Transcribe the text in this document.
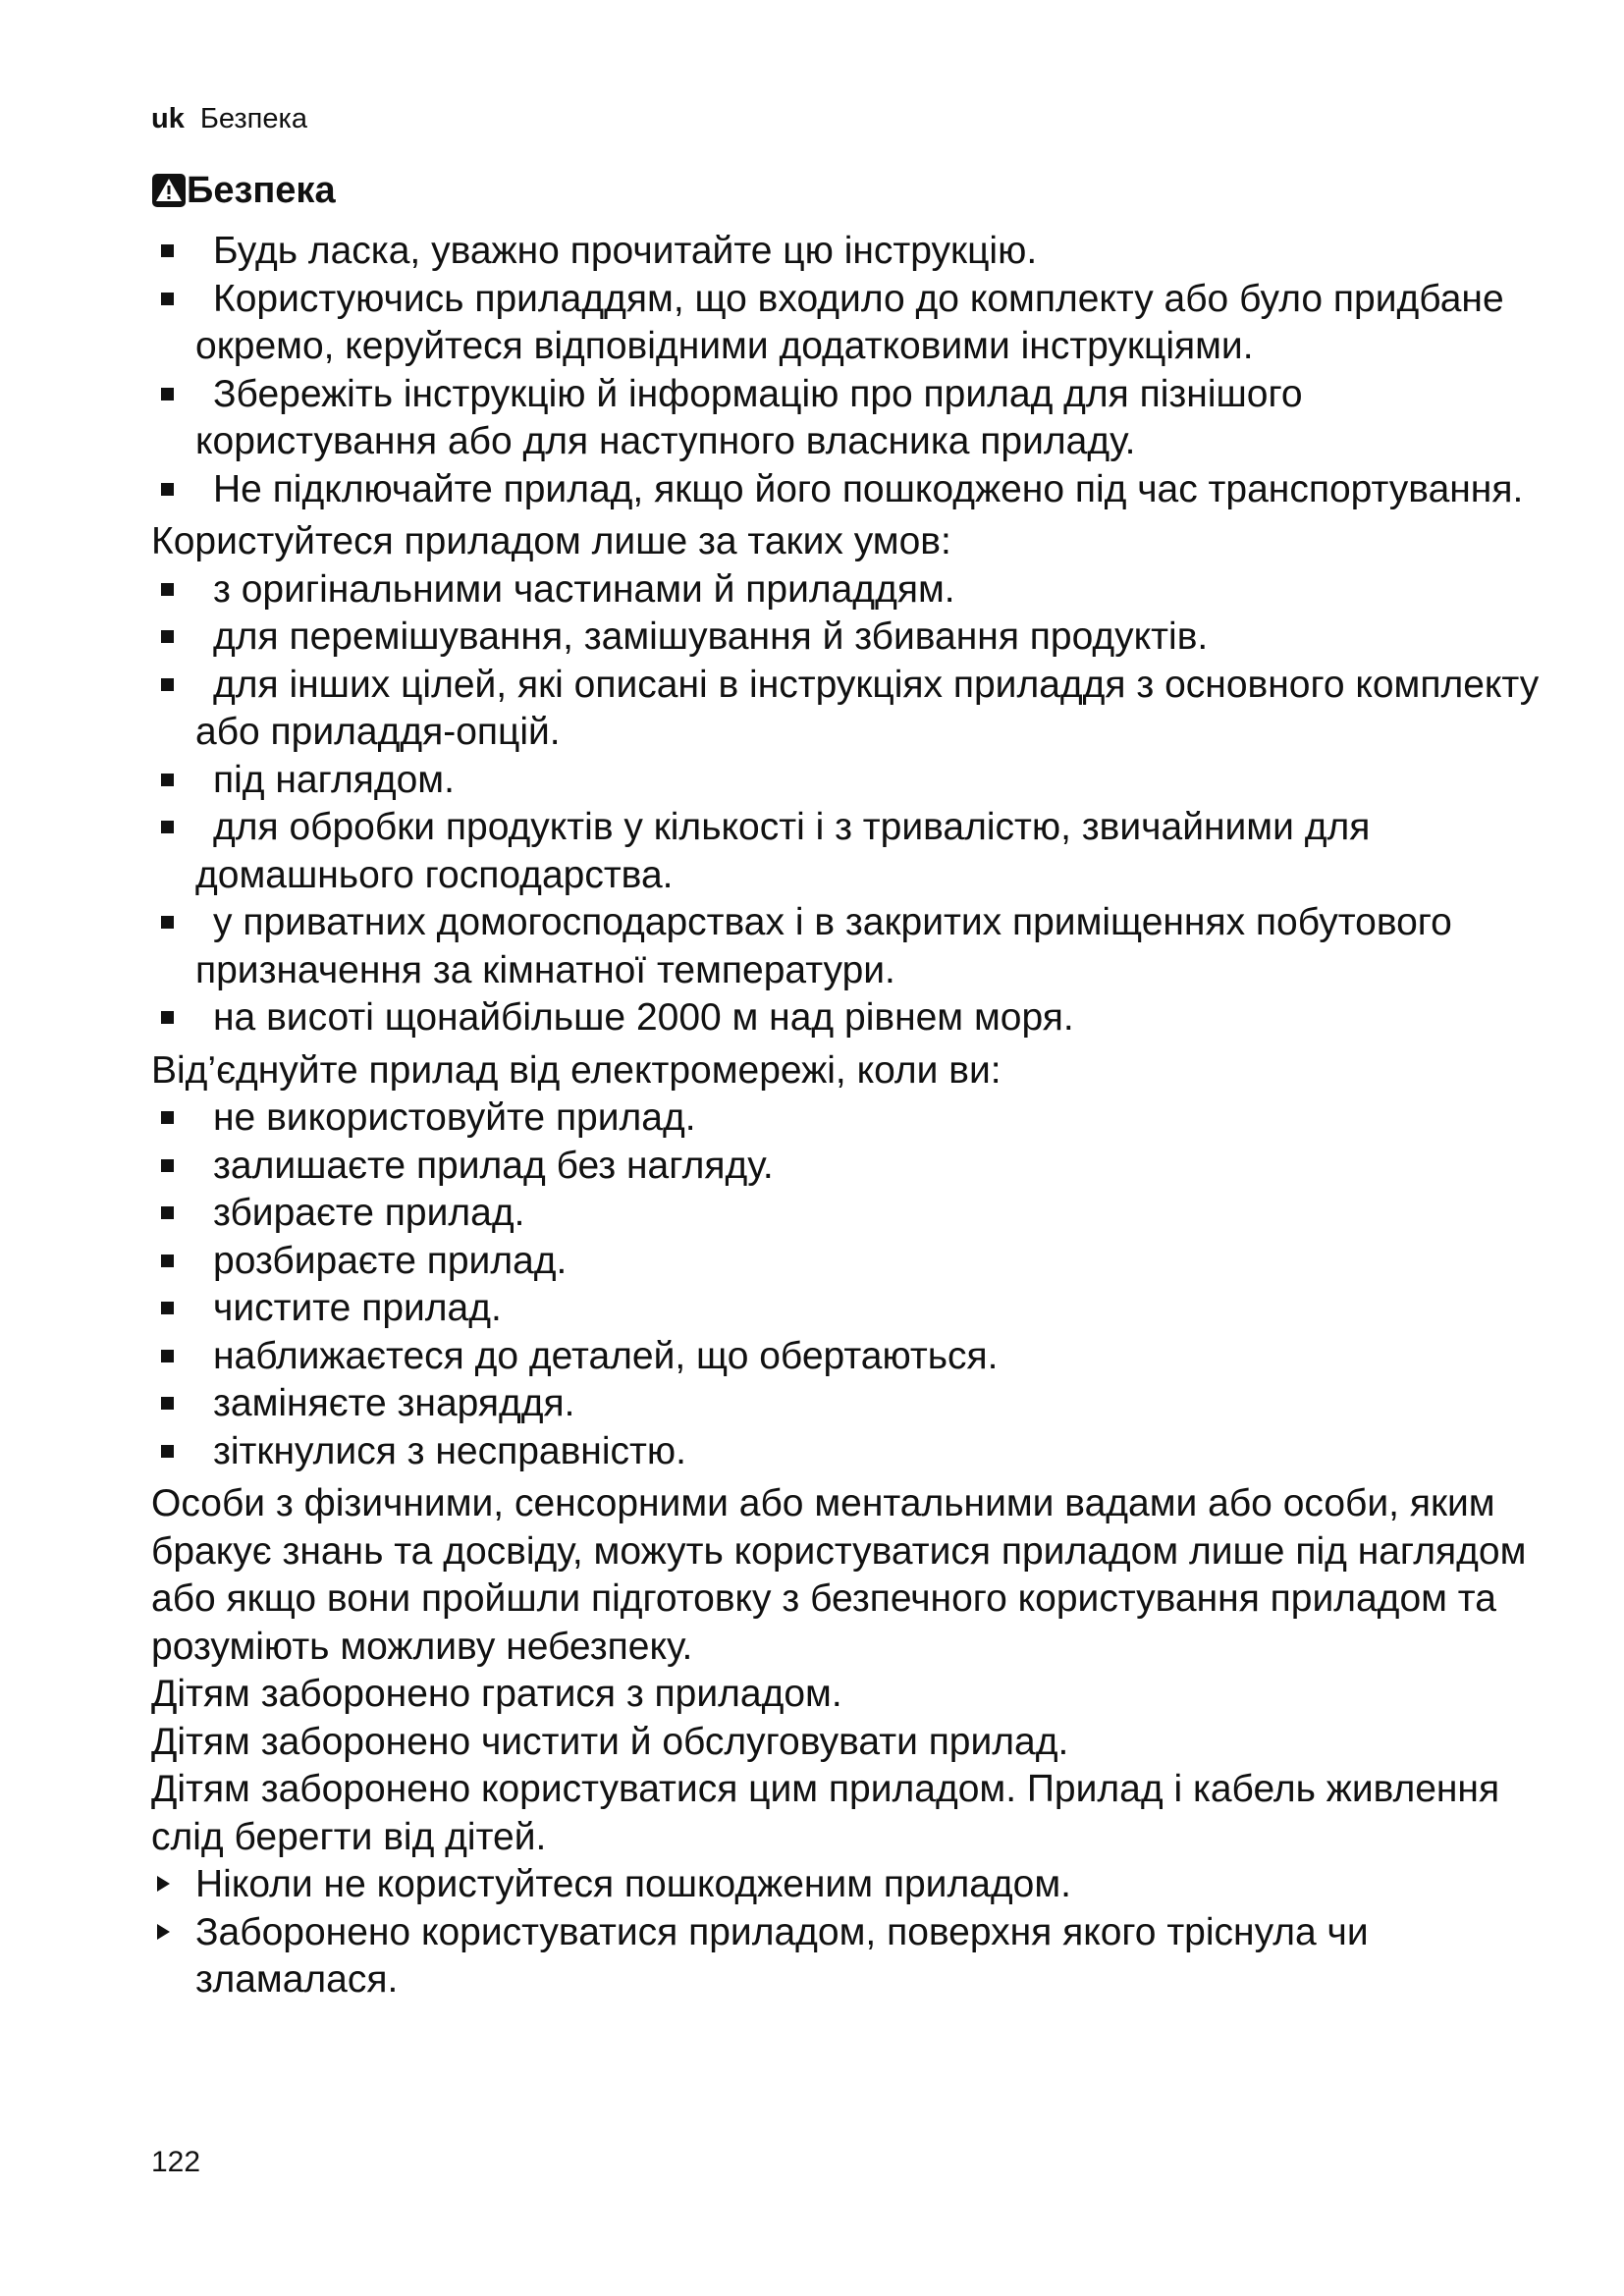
uk Безпека
Безпека
Будь ласка, уважно прочитайте цю інструкцію.
Користуючись приладдям, що входило до комплекту або було придбане окремо, керуйтеся відповідними додатковими інструкціями.
Збережіть інструкцію й інформацію про прилад для пізнішого користування або для наступного власника приладу.
Не підключайте прилад, якщо його пошкоджено під час транспортування.
Користуйтеся приладом лише за таких умов:
з оригінальними частинами й приладдям.
для перемішування, замішування й збивання продуктів.
для інших цілей, які описані в інструкціях приладдя з основного комплекту або приладдя-опцій.
під наглядом.
для обробки продуктів у кількості і з тривалістю, звичайними для домашнього господарства.
у приватних домогосподарствах і в закритих приміщеннях побутового призначення за кімнатної температури.
на висоті щонайбільше 2000 м над рівнем моря.
Від’єднуйте прилад від електромережі, коли ви:
не використовуйте прилад.
залишаєте прилад без нагляду.
збираєте прилад.
розбираєте прилад.
чистите прилад.
наближаєтеся до деталей, що обертаються.
заміняєте знаряддя.
зіткнулися з несправністю.
Особи з фізичними, сенсорними або ментальними вадами або особи, яким бракує знань та досвіду, можуть користуватися приладом лише під наглядом або якщо вони пройшли підготовку з безпечного користування приладом та розуміють можливу небезпеку.
Дітям заборонено гратися з приладом.
Дітям заборонено чистити й обслуговувати прилад.
Дітям заборонено користуватися цим приладом. Прилад і кабель живлення слід берегти від дітей.
Ніколи не користуйтеся пошкодженим приладом.
Заборонено користуватися приладом, поверхня якого тріснула чи зламалася.
122
